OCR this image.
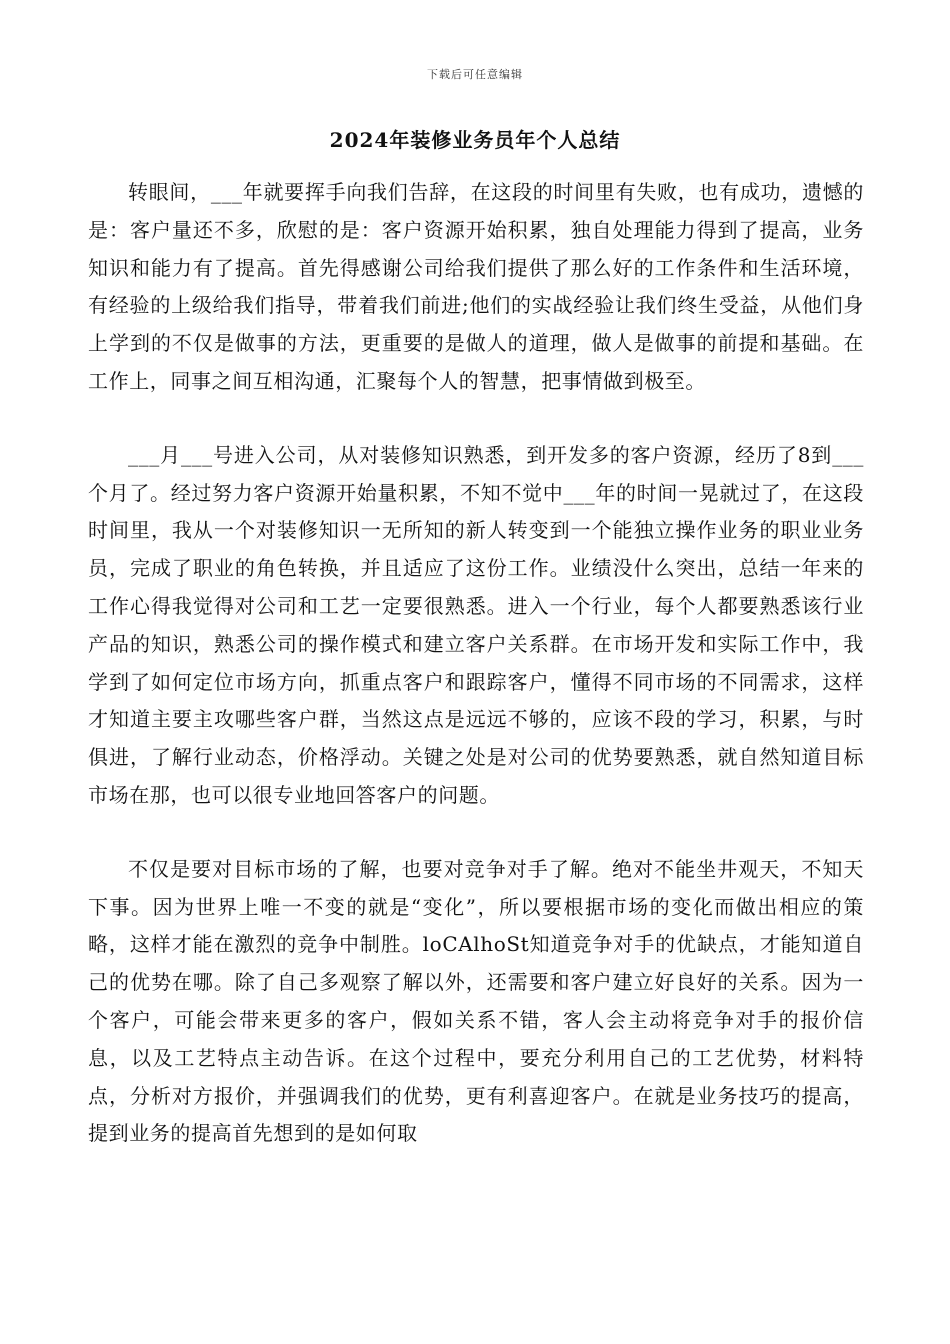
下载后可任意编辑
2024年装修业务员年个人总结

转眼间，___年就要挥手向我们告辞，在这段的时间里有失败，也有成功，遗憾的是：客户量还不多，欣慰的是：客户资源开始积累，独自处理能力得到了提高，业务知识和能力有了提高。首先得感谢公司给我们提供了那么好的工作条件和生活环境，有经验的上级给我们指导，带着我们前进;他们的实战经验让我们终生受益，从他们身上学到的不仅是做事的方法，更重要的是做人的道理，做人是做事的前提和基础。在工作上，同事之间互相沟通，汇聚每个人的智慧，把事情做到极至。

___月___号进入公司，从对装修知识熟悉，到开发多的客户资源，经历了8到___个月了。经过努力客户资源开始量积累，不知不觉中___年的时间一晃就过了，在这段时间里，我从一个对装修知识一无所知的新人转变到一个能独立操作业务的职业业务员，完成了职业的角色转换，并且适应了这份工作。业绩没什么突出，总结一年来的工作心得我觉得对公司和工艺一定要很熟悉。进入一个行业，每个人都要熟悉该行业产品的知识，熟悉公司的操作模式和建立客户关系群。在市场开发和实际工作中，我学到了如何定位市场方向，抓重点客户和跟踪客户，懂得不同市场的不同需求，这样才知道主要主攻哪些客户群，当然这点是远远不够的，应该不段的学习，积累，与时俱进，了解行业动态，价格浮动。关键之处是对公司的优势要熟悉，就自然知道目标市场在那，也可以很专业地回答客户的问题。

不仅是要对目标市场的了解，也要对竞争对手了解。绝对不能坐井观天，不知天下事。因为世界上唯一不变的就是“变化”，所以要根据市场的变化而做出相应的策略，这样才能在激烈的竞争中制胜。loCAlhoSt知道竞争对手的优缺点，才能知道自己的优势在哪。除了自己多观察了解以外，还需要和客户建立好良好的关系。因为一个客户，可能会带来更多的客户，假如关系不错，客人会主动将竞争对手的报价信息，以及工艺特点主动告诉。在这个过程中，要充分利用自己的工艺优势，材料特点，分析对方报价，并强调我们的优势，更有利喜迎客户。在就是业务技巧的提高，提到业务的提高首先想到的是如何取
